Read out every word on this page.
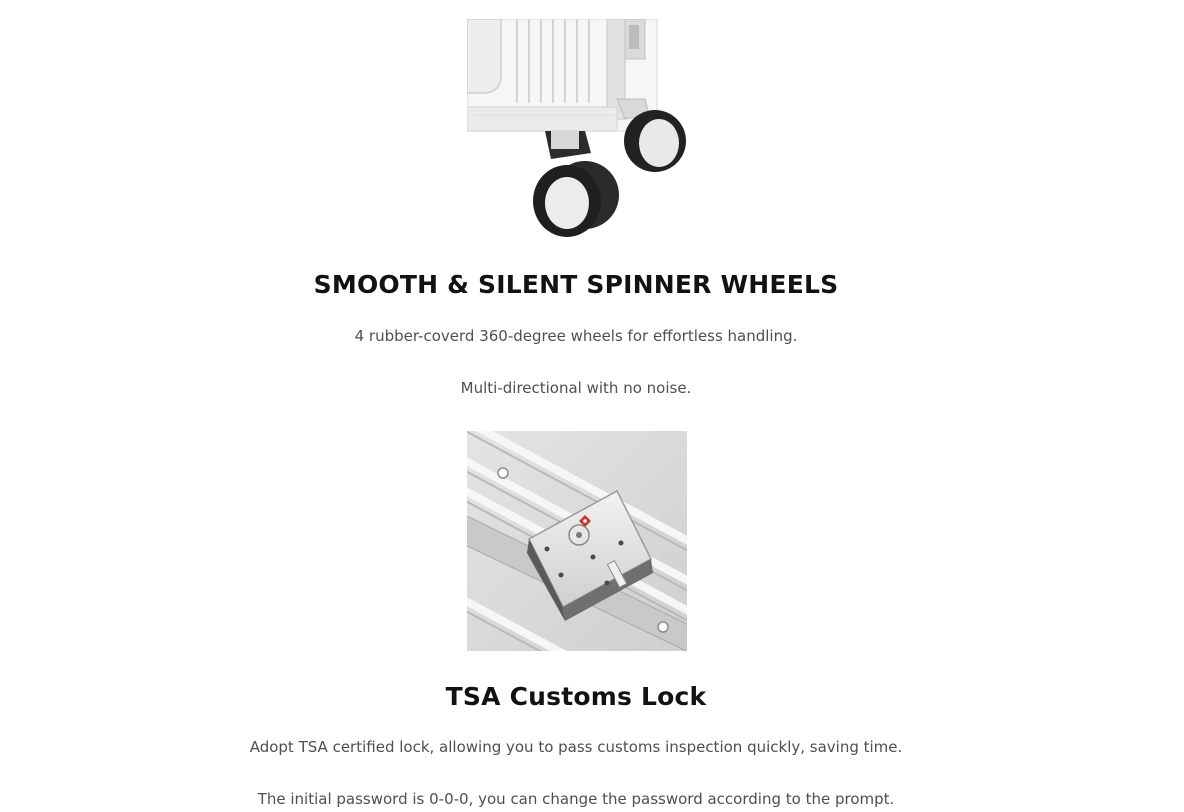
SMOOTH & SILENT SPINNER WHEELS

4 rubber-coverd 360-degree wheels for effortless handling.

Multi-directional with no noise.

TSA Customs Lock

Adopt TSA certified lock, allowing you to pass customs inspection quickly, saving time.

The initial password is 0-0-0, you can change the password according to the prompt.
